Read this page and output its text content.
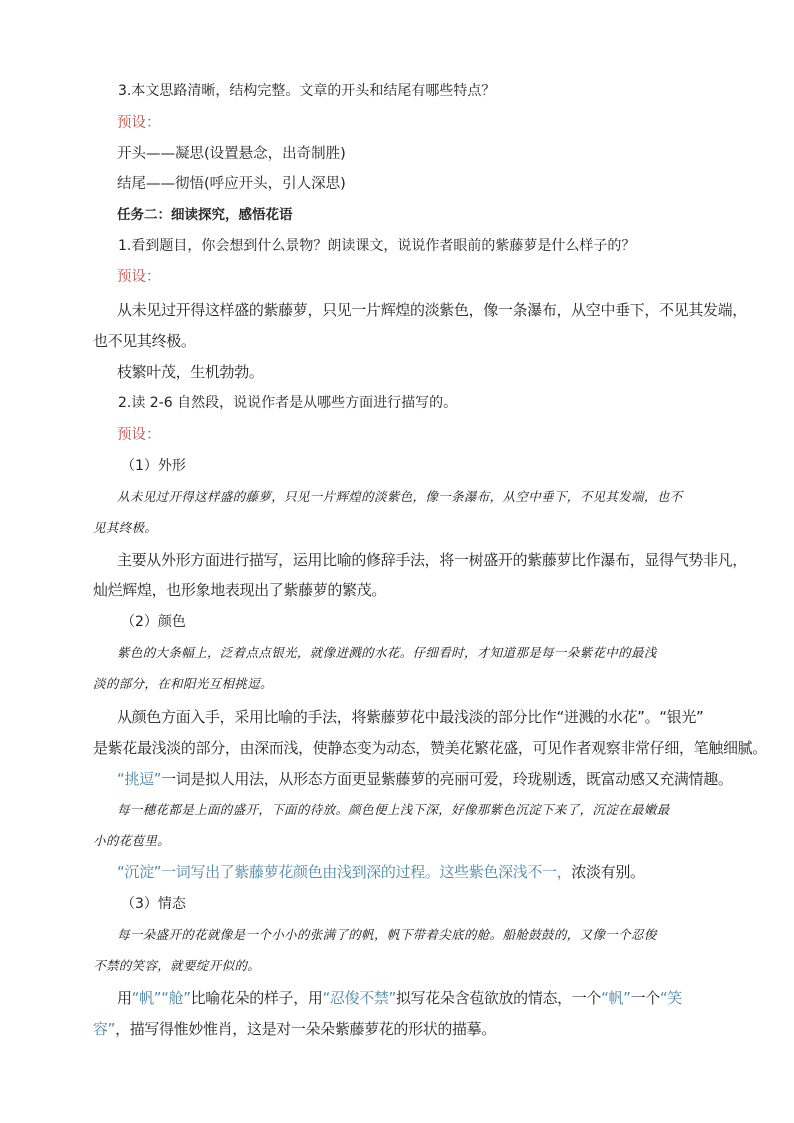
3.本文思路清晰，结构完整。文章的开头和结尾有哪些特点？
预设：
开头——凝思(设置悬念，出奇制胜)
结尾——彻悟(呼应开头，引人深思)
任务二：细读探究，感悟花语
1.看到题目，你会想到什么景物？朗读课文，说说作者眼前的紫藤萝是什么样子的？
预设：
从未见过开得这样盛的紫藤萝，只见一片辉煌的淡紫色，像一条瀑布，从空中垂下，不见其发端，
也不见其终极。
枝繁叶茂，生机勃勃。
2.读 2-6 自然段，说说作者是从哪些方面进行描写的。
预设：
（1）外形
从未见过开得这样盛的藤萝，只见一片辉煌的淡紫色，像一条瀑布，从空中垂下，不见其发端，也不
见其终极。
主要从外形方面进行描写，运用比喻的修辞手法，将一树盛开的紫藤萝比作瀑布，显得气势非凡，
灿烂辉煌，也形象地表现出了紫藤萝的繁茂。
（2）颜色
紫色的大条幅上，泛着点点银光，就像迸溅的水花。仔细看时，才知道那是每一朵紫花中的最浅
淡的部分，在和阳光互相挑逗。
从颜色方面入手，采用比喻的手法，将紫藤萝花中最浅淡的部分比作“迸溅的水花”。“银光”
是紫花最浅淡的部分，由深而浅，使静态变为动态，赞美花繁花盛，可见作者观察非常仔细，笔触细腻。
“挑逗”一词是拟人用法，从形态方面更显紫藤萝的亮丽可爱，玲珑剔透，既富动感又充满情趣。
每一穗花都是上面的盛开，下面的待放。颜色便上浅下深，好像那紫色沉淀下来了，沉淀在最嫩最
小的花苞里。
“沉淀”一词写出了紫藤萝花颜色由浅到深的过程。这些紫色深浅不一，浓淡有别。
（3）情态
每一朵盛开的花就像是一个小小的张满了的帆，帆下带着尖底的舱。船舱鼓鼓的，又像一个忍俊
不禁的笑容，就要绽开似的。
用“帆”“舱”比喻花朵的样子，用“忍俊不禁”拟写花朵含苞欲放的情态，一个“帆”一个“笑
容”，描写得惟妙惟肖，这是对一朵朵紫藤萝花的形状的描摹。
